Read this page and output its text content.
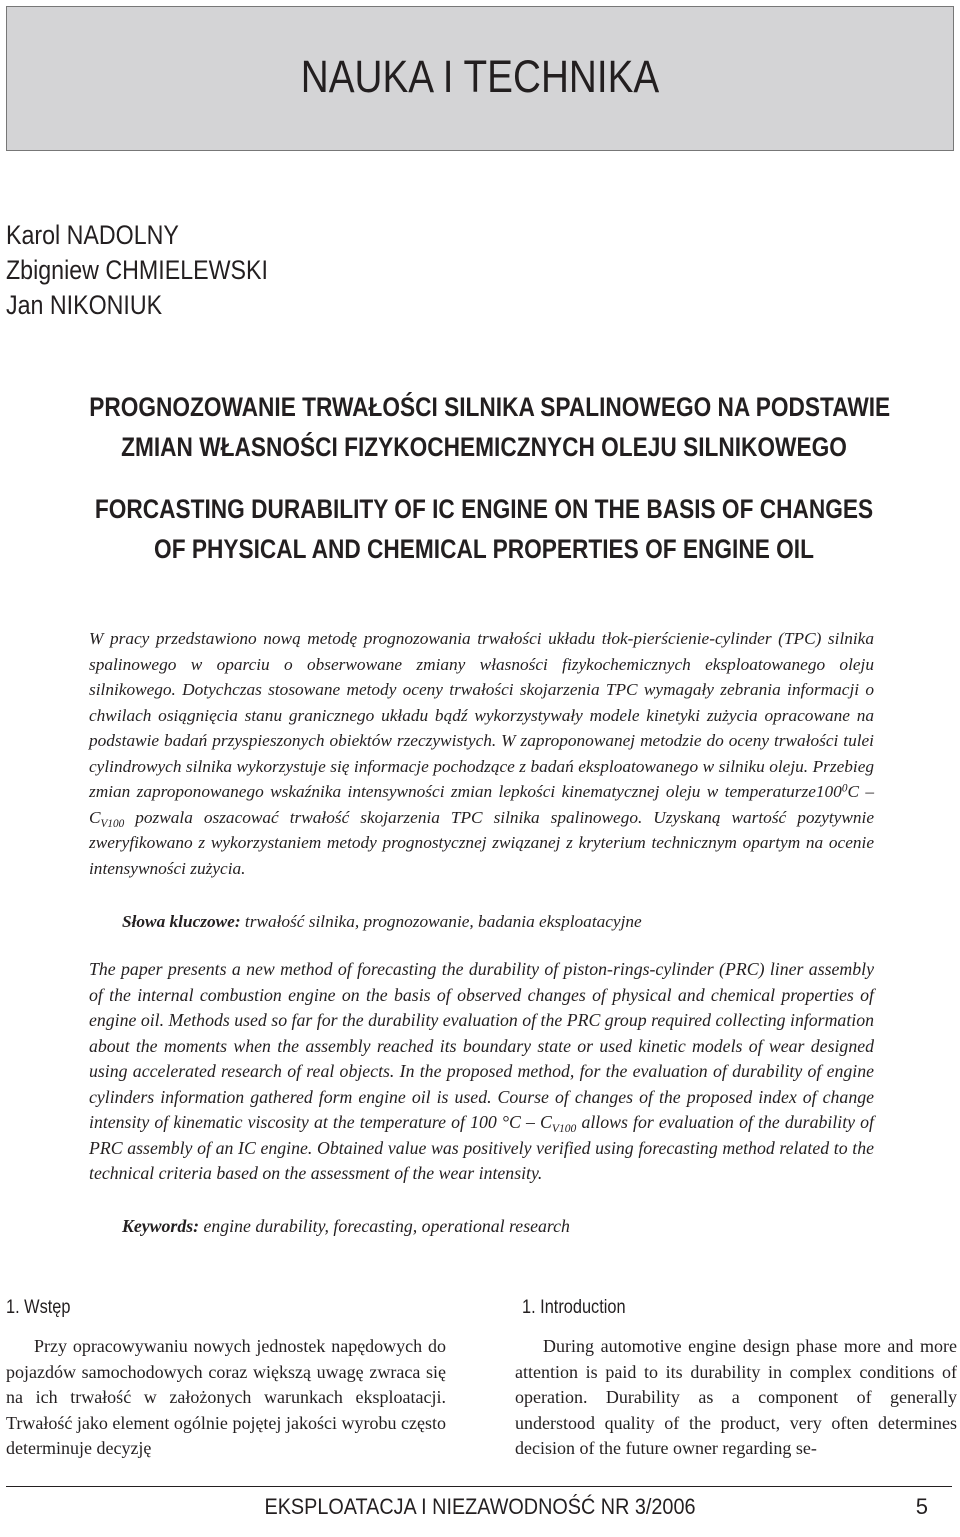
NAUKA I TECHNIKA
Karol NADOLNY
Zbigniew CHMIELEWSKI
Jan NIKONIUK
PROGNOZOWANIE TRWAŁOŚCI SILNIKA SPALINOWEGO NA PODSTAWIE
ZMIAN WŁASNOŚCI FIZYKOCHEMICZNYCH OLEJU SILNIKOWEGO
FORCASTING DURABILITY OF IC ENGINE ON THE BASIS OF CHANGES
OF PHYSICAL AND CHEMICAL PROPERTIES OF ENGINE OIL
W pracy przedstawiono nową metodę prognozowania trwałości układu tłok-pierścienie-cylinder (TPC) silnika spalinowego w oparciu o obserwowane zmiany własności fizykochemicznych eksploatowanego oleju silnikowego. Dotychczas stosowane metody oceny trwałości skojarzenia TPC wymagały zebrania informacji o chwilach osiągnięcia stanu granicznego układu bądź wykorzystywały modele kinetyki zużycia opracowane na podstawie badań przyspieszonych obiektów rzeczywistych. W zaproponowanej metodzie do oceny trwałości tulei cylindrowych silnika wykorzystuje się informacje pochodzące z badań eksploatowanego w silniku oleju. Przebieg zmian zaproponowanego wskaźnika intensywności zmian lepkości kinematycznej oleju w $temperaturze100^0C - C_{V100}$ pozwala oszacować trwałość skojarzenia TPC silnika spalinowego. Uzyskaną wartość pozytywnie zweryfikowano z wykorzystaniem metody prognostycznej związanej z kryterium technicznym opartym na ocenie intensywności zużycia.
Słowa kluczowe: trwałość silnika, prognozowanie, badania eksploatacyjne
The paper presents a new method of forecasting the durability of piston-rings-cylinder (PRC) liner assembly of the internal combustion engine on the basis of observed changes of physical and chemical properties of engine oil. Methods used so far for the durability evaluation of the PRC group required collecting information about the moments when the assembly reached its boundary state or used kinetic models of wear designed using accelerated research of real objects. In the proposed method, for the evaluation of durability of engine cylinders information gathered form engine oil is used. Course of changes of the proposed index of change intensity of kinematic viscosity at the temperature of 100 $^\circ C - C_{V100}$ allows for evaluation of the durability of PRC assembly of an IC engine. Obtained value was positively verified using forecasting method related to the technical criteria based on the assessment of the wear intensity.
Keywords: engine durability, forecasting, operational research
1. Wstęp	1. Introduction

Przy opracowywaniu nowych jednostek napędowych do pojazdów samochodowych coraz większą uwagę zwraca się na ich trwałość w założonych warunkach eksploatacji. Trwałość jako element ogólnie pojętej jakości wyrobu często determinuje decyzję

During automotive engine design phase more and more attention is paid to its durability in complex conditions of operation. Durability as a component of generally understood quality of the product, very often determines decision of the future owner regarding se-

EKSPLOATACJA I NIEZAWODNOŚĆ NR 3/2006	5
